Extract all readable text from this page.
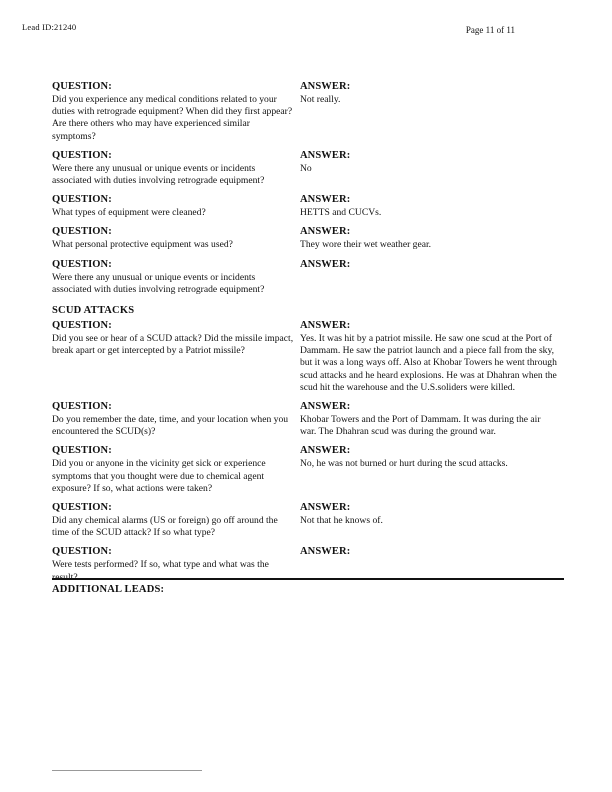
Lead ID:21240	Page 11 of 11

QUESTION:

Did you experience any medical conditions related to your duties with retrograde equipment? When did they first appear? Are there others who may have experienced similar symptoms?

ANSWER:

Not really.

QUESTION:

Were there any unusual or unique events or incidents associated with duties involving retrograde equipment?

ANSWER:

No

QUESTION:

What types of equipment were cleaned?

ANSWER:

HETTS and CUCVs.

QUESTION:

What personal protective equipment was used?

ANSWER:

They wore their wet weather gear.

QUESTION:

Were there any unusual or unique events or incidents associated with duties involving retrograde equipment?

ANSWER:

SCUD ATTACKS

QUESTION:

Did you see or hear of a SCUD attack? Did the missile impact, break apart or get intercepted by a Patriot missile?

ANSWER:

Yes. It was hit by a patriot missile. He saw one scud at the Port of Dammam. He saw the patriot launch and a piece fall from the sky, but it was a long ways off. Also at Khobar Towers he went through scud attacks and he heard explosions. He was at Dhahran when the scud hit the warehouse and the U.S.soliders were killed.

QUESTION:

Do you remember the date, time, and your location when you encountered the SCUD(s)?

ANSWER:

Khobar Towers and the Port of Dammam. It was during the air war. The Dhahran scud was during the ground war.

QUESTION:

Did you or anyone in the vicinity get sick or experience symptoms that you thought were due to chemical agent exposure? If so, what actions were taken?

ANSWER:

No, he was not burned or hurt during the scud attacks.

QUESTION:

Did any chemical alarms (US or foreign) go off around the time of the SCUD attack? If so what type?

ANSWER:

Not that he knows of.

QUESTION:

Were tests performed? If so, what type and what was the result?

ANSWER:

ADDITIONAL LEADS:
